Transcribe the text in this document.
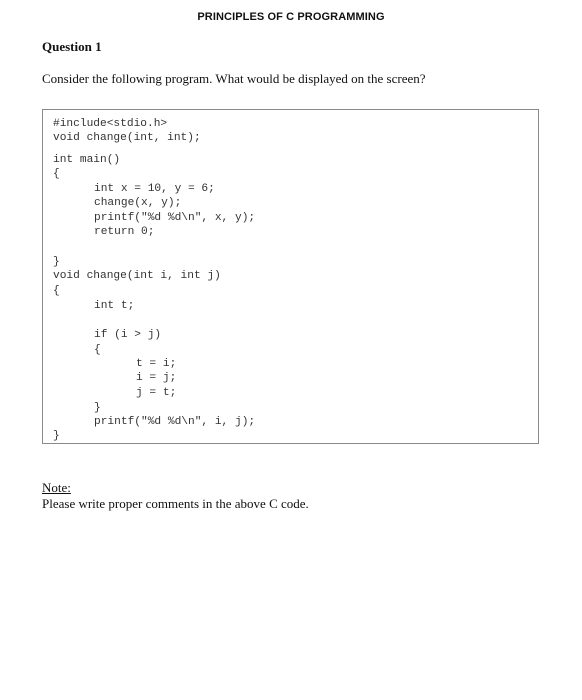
PRINCIPLES OF C PROGRAMMING
Question 1
Consider the following program. What would be displayed on the screen?
#include<stdio.h>
void change(int, int);
int main()
{
int x = 10, y = 6;
change(x, y);
printf("%d %d\n", x, y);
return 0;
}
void change(int i, int j)
{
int t;
if (i > j)
{
t = i;
i = j;
j = t;
}
printf("%d %d\n", i, j);
}
Note:
Please write proper comments in the above C code.
